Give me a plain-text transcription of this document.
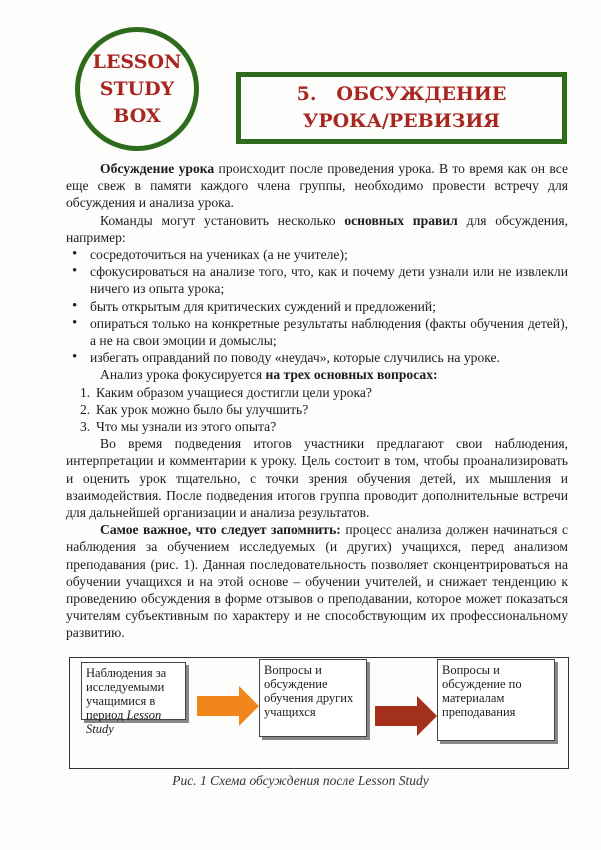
LESSON
STUDY
BOX
5.   ОБСУЖДЕНИЕ
УРОКА/РЕВИЗИЯ

Обсуждение урока происходит после проведения урока. В то время как он все еще свеж в памяти каждого члена группы, необходимо провести встречу для обсуждения и анализа урока.

Команды могут установить несколько основных правил для обсуждения, например:

• сосредоточиться на учениках (а не учителе);
• сфокусироваться на анализе того, что, как и почему дети узнали или не извлекли ничего из опыта урока;
• быть открытым для критических суждений и предложений;
• опираться только на конкретные результаты наблюдения (факты обучения детей), а не на свои эмоции и домыслы;
• избегать оправданий по поводу «неудач», которые случились на уроке.

Анализ урока фокусируется на трех основных вопросах:

1. Каким образом учащиеся достигли цели урока?
2. Как урок можно было бы улучшить?
3. Что мы узнали из этого опыта?

Во время подведения итогов участники предлагают свои наблюдения, интерпретации и комментарии к уроку. Цель состоит в том, чтобы проанализировать и оценить урок тщательно, с точки зрения обучения детей, их мышления и взаимодействия. После подведения итогов группа проводит дополнительные встречи для дальнейшей организации и анализа результатов.

Самое важное, что следует запомнить: процесс анализа должен начинаться с наблюдения за обучением исследуемых (и других) учащихся, перед анализом преподавания (рис. 1). Данная последовательность позволяет сконцентрироваться на обучении учащихся и на этой основе – обучении учителей, и снижает тенденцию к проведению обсуждения в форме отзывов о преподавании, которое может показаться учителям субъективным по характеру и не способствующим их профессиональному развитию.

Наблюдения за исследуемыми учащимися в период Lesson Study
Вопросы и обсуждение обучения других учащихся
Вопросы и обсуждение по материалам преподавания
Рис. 1 Схема обсуждения после Lesson Study
